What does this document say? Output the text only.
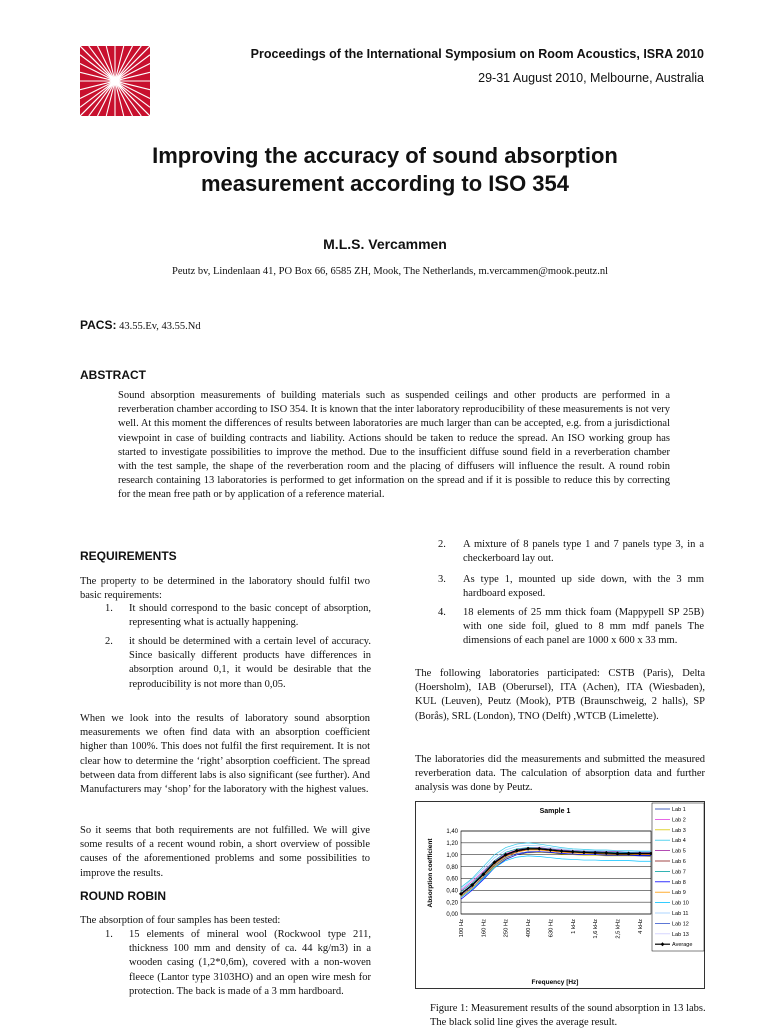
Proceedings of the International Symposium on Room Acoustics, ISRA 2010
29-31 August 2010, Melbourne, Australia
Improving the accuracy of sound absorption
measurement according to ISO 354
M.L.S. Vercammen
Peutz bv, Lindenlaan 41, PO Box 66, 6585 ZH, Mook, The Netherlands, m.vercammen@mook.peutz.nl
PACS: 43.55.Ev, 43.55.Nd
ABSTRACT
Sound absorption measurements of building materials such as suspended ceilings and other products are performed in a reverberation chamber according to ISO 354. It is known that the inter laboratory reproducibility of these measurements is not very well. At this moment the differences of results between laboratories are much larger than can be accepted, e.g. from a jurisdictional viewpoint in case of building contracts and liability. Actions should be taken to reduce the spread. An ISO working group has started to investigate possibilities to improve the method. Due to the insufficient diffuse sound field in a reverberation chamber with the test sample, the shape of the reverberation room and the placing of diffusers will influence the result. A round robin research containing 13 laboratories is performed to get information on the spread and if it is possible to reduce this by correcting for the mean free path or by application of a reference material.
REQUIREMENTS
The property to be determined in the laboratory should fulfil two basic requirements:
1. It should correspond to the basic concept of absorption, representing what is actually happening.
2. it should be determined with a certain level of accuracy. Since basically different products have differences in absorption around 0,1, it would be desirable that the reproducibility is not more than 0,05.
When we look into the results of laboratory sound absorption measurements we often find data with an absorption coefficient higher than 100%. This does not fulfil the first requirement. It is not clear how to determine the ‘right’ absorption coefficient. The spread between data from different labs is also significant (see further). And Manufacturers may ‘shop’ for the laboratory with the highest values.
So it seems that both requirements are not fulfilled. We will give some results of a recent wound robin, a short overview of possible causes of the aforementioned problems and some possibilities to improve the results.
ROUND ROBIN
The absorption of four samples has been tested:
1. 15 elements of mineral wool (Rockwool type 211, thickness 100 mm and density of ca. 44 kg/m3) in a wooden casing (1,2*0,6m), covered with a non-woven fleece (Lantor type 3103HO) and an open wire mesh for protection. The back is made of a 3 mm hardboard.
2. A mixture of 8 panels type 1 and 7 panels type 3, in a checkerboard lay out.
3. As type 1, mounted up side down, with the 3 mm hardboard exposed.
4. 18 elements of 25 mm thick foam (Mappypell SP 25B) with one side foil, glued to 8 mm mdf panels The dimensions of each panel are 1000 x 600 x 33 mm.
The following laboratories participated: CSTB (Paris), Delta (Hoersholm), IAB (Oberursel), ITA (Achen), ITA (Wiesbaden), KUL (Leuven), Peutz (Mook), PTB (Braunschweig, 2 halls), SP (Borås), SRL (London), TNO (Delft) ,WTCB (Limelette).
The laboratories did the measurements and submitted the measured reverberation data. The calculation of absorption data and further analysis was done by Peutz.
Sample 1
Absorption coefficient
Frequency [Hz]
0,00
0,20
0,40
0,60
0,80
1,00
1,20
1,40
100 Hz	160 Hz	250 Hz	400 Hz	630 Hz	1 kHz	1,6 kHz	2,5 kHz	4 kHz
Lab 1
Lab 2
Lab 3
Lab 4
Lab 5
Lab 6
Lab 7
Lab 8
Lab 9
Lab 10
Lab 11
Lab 12
Lab 13
Average
Figure 1: Measurement results of the sound absorption in 13 labs. The black solid line gives the average result.
